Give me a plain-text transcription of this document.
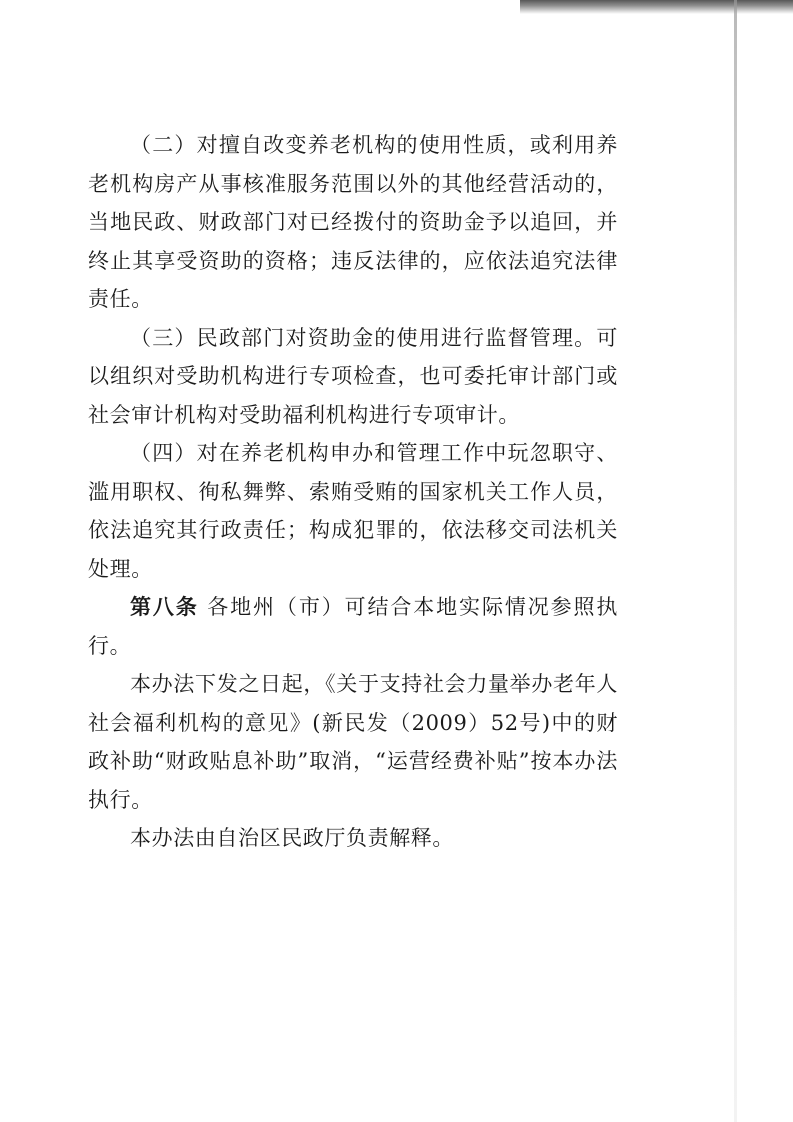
（二）对擅自改变养老机构的使用性质，或利用养老机构房产从事核准服务范围以外的其他经营活动的，当地民政、财政部门对已经拨付的资助金予以追回，并终止其享受资助的资格；违反法律的，应依法追究法律责任。

（三）民政部门对资助金的使用进行监督管理。可以组织对受助机构进行专项检查，也可委托审计部门或社会审计机构对受助福利机构进行专项审计。

（四）对在养老机构申办和管理工作中玩忽职守、滥用职权、徇私舞弊、索贿受贿的国家机关工作人员，依法追究其行政责任；构成犯罪的，依法移交司法机关处理。

第八条 各地州（市）可结合本地实际情况参照执行。

本办法下发之日起，《关于支持社会力量举办老年人社会福利机构的意见》(新民发（2009）52号)中的财政补助“财政贴息补助”取消，“运营经费补贴”按本办法执行。

本办法由自治区民政厅负责解释。
